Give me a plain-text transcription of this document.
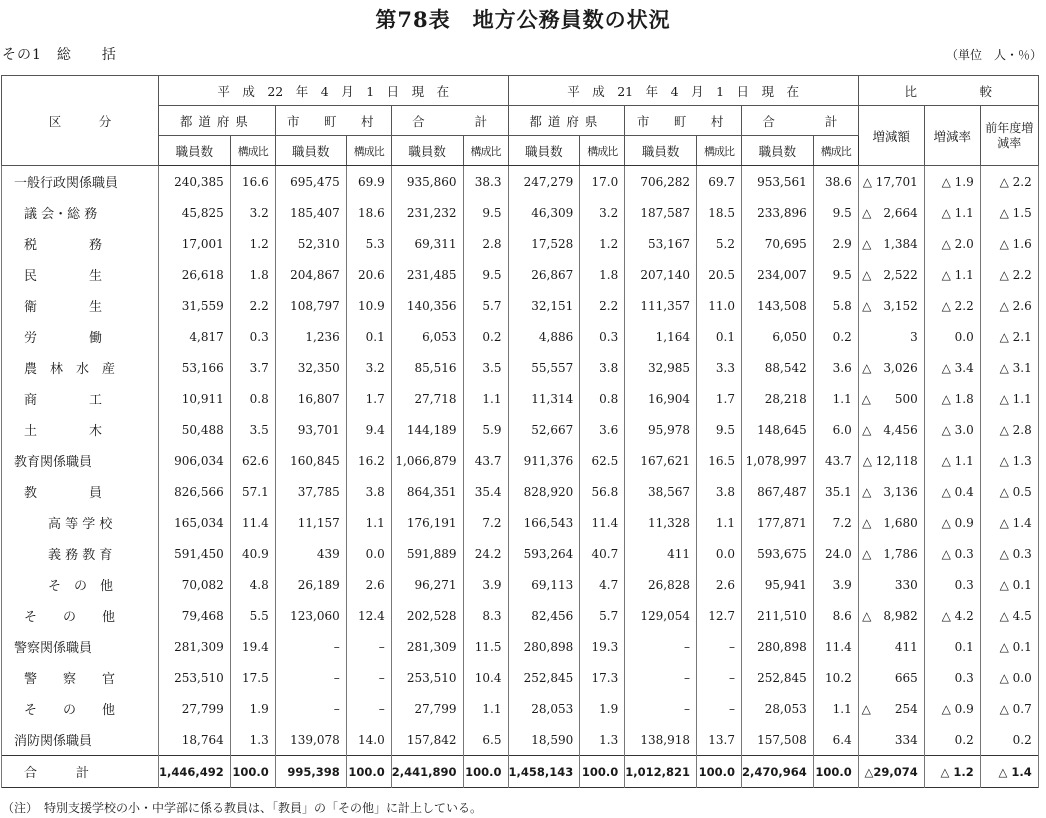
第78表　地方公務員数の状況
その1　総　　括	（単位　人・％）
区　　　分	平　成　22　年　4　月　1　日　現　在						平　成　21　年　4　月　1　日　現　在						比　　　　　較		
	都道府県		市　町　村		合　　　　計		都道府県		市　町　村		合　　　　計		増減額	増減率	前年度増減率
	職員数	構成比	職員数	構成比	職員数	構成比	職員数	構成比	職員数	構成比	職員数	構成比			
一般行政関係職員	240,385	16.6	695,475	69.9	935,860	38.3	247,279	17.0	706,282	69.7	953,561	38.6	△ 17,701	△ 1.9	△ 2.2
議 会・総 務	45,825	3.2	185,407	18.6	231,232	9.5	46,309	3.2	187,587	18.5	233,896	9.5	△　2,664	△ 1.1	△ 1.5
税　　　　務	17,001	1.2	52,310	5.3	69,311	2.8	17,528	1.2	53,167	5.2	70,695	2.9	△　1,384	△ 2.0	△ 1.6
民　　　　生	26,618	1.8	204,867	20.6	231,485	9.5	26,867	1.8	207,140	20.5	234,007	9.5	△　2,522	△ 1.1	△ 2.2
衛　　　　生	31,559	2.2	108,797	10.9	140,356	5.7	32,151	2.2	111,357	11.0	143,508	5.8	△　3,152	△ 2.2	△ 2.6
労　　　　働	4,817	0.3	1,236	0.1	6,053	0.2	4,886	0.3	1,164	0.1	6,050	0.2	3	0.0	△ 2.1
農　林　水　産	53,166	3.7	32,350	3.2	85,516	3.5	55,557	3.8	32,985	3.3	88,542	3.6	△　3,026	△ 3.4	△ 3.1
商　　　　工	10,911	0.8	16,807	1.7	27,718	1.1	11,314	0.8	16,904	1.7	28,218	1.1	△　　500	△ 1.8	△ 1.1
土　　　　木	50,488	3.5	93,701	9.4	144,189	5.9	52,667	3.6	95,978	9.5	148,645	6.0	△　4,456	△ 3.0	△ 2.8
教育関係職員	906,034	62.6	160,845	16.2	1,066,879	43.7	911,376	62.5	167,621	16.5	1,078,997	43.7	△ 12,118	△ 1.1	△ 1.3
教　　　　員	826,566	57.1	37,785	3.8	864,351	35.4	828,920	56.8	38,567	3.8	867,487	35.1	△　3,136	△ 0.4	△ 0.5
高 等 学 校	165,034	11.4	11,157	1.1	176,191	7.2	166,543	11.4	11,328	1.1	177,871	7.2	△　1,680	△ 0.9	△ 1.4
義 務 教 育	591,450	40.9	439	0.0	591,889	24.2	593,264	40.7	411	0.0	593,675	24.0	△　1,786	△ 0.3	△ 0.3
そ　の　他	70,082	4.8	26,189	2.6	96,271	3.9	69,113	4.7	26,828	2.6	95,941	3.9	330	0.3	△ 0.1
そ　　の　　他	79,468	5.5	123,060	12.4	202,528	8.3	82,456	5.7	129,054	12.7	211,510	8.6	△　8,982	△ 4.2	△ 4.5
警察関係職員	281,309	19.4	–	–	281,309	11.5	280,898	19.3	–	–	280,898	11.4	411	0.1	△ 0.1
警　　察　　官	253,510	17.5	–	–	253,510	10.4	252,845	17.3	–	–	252,845	10.2	665	0.3	△ 0.0
そ　　の　　他	27,799	1.9	–	–	27,799	1.1	28,053	1.9	–	–	28,053	1.1	△　　254	△ 0.9	△ 0.7
消防関係職員	18,764	1.3	139,078	14.0	157,842	6.5	18,590	1.3	138,918	13.7	157,508	6.4	334	0.2	0.2
合　　　計	1,446,492	100.0	995,398	100.0	2,441,890	100.0	1,458,143	100.0	1,012,821	100.0	2,470,964	100.0	△29,074	△ 1.2	△ 1.4
（注）　特別支援学校の小・中学部に係る教員は、「教員」の「その他」に計上している。
